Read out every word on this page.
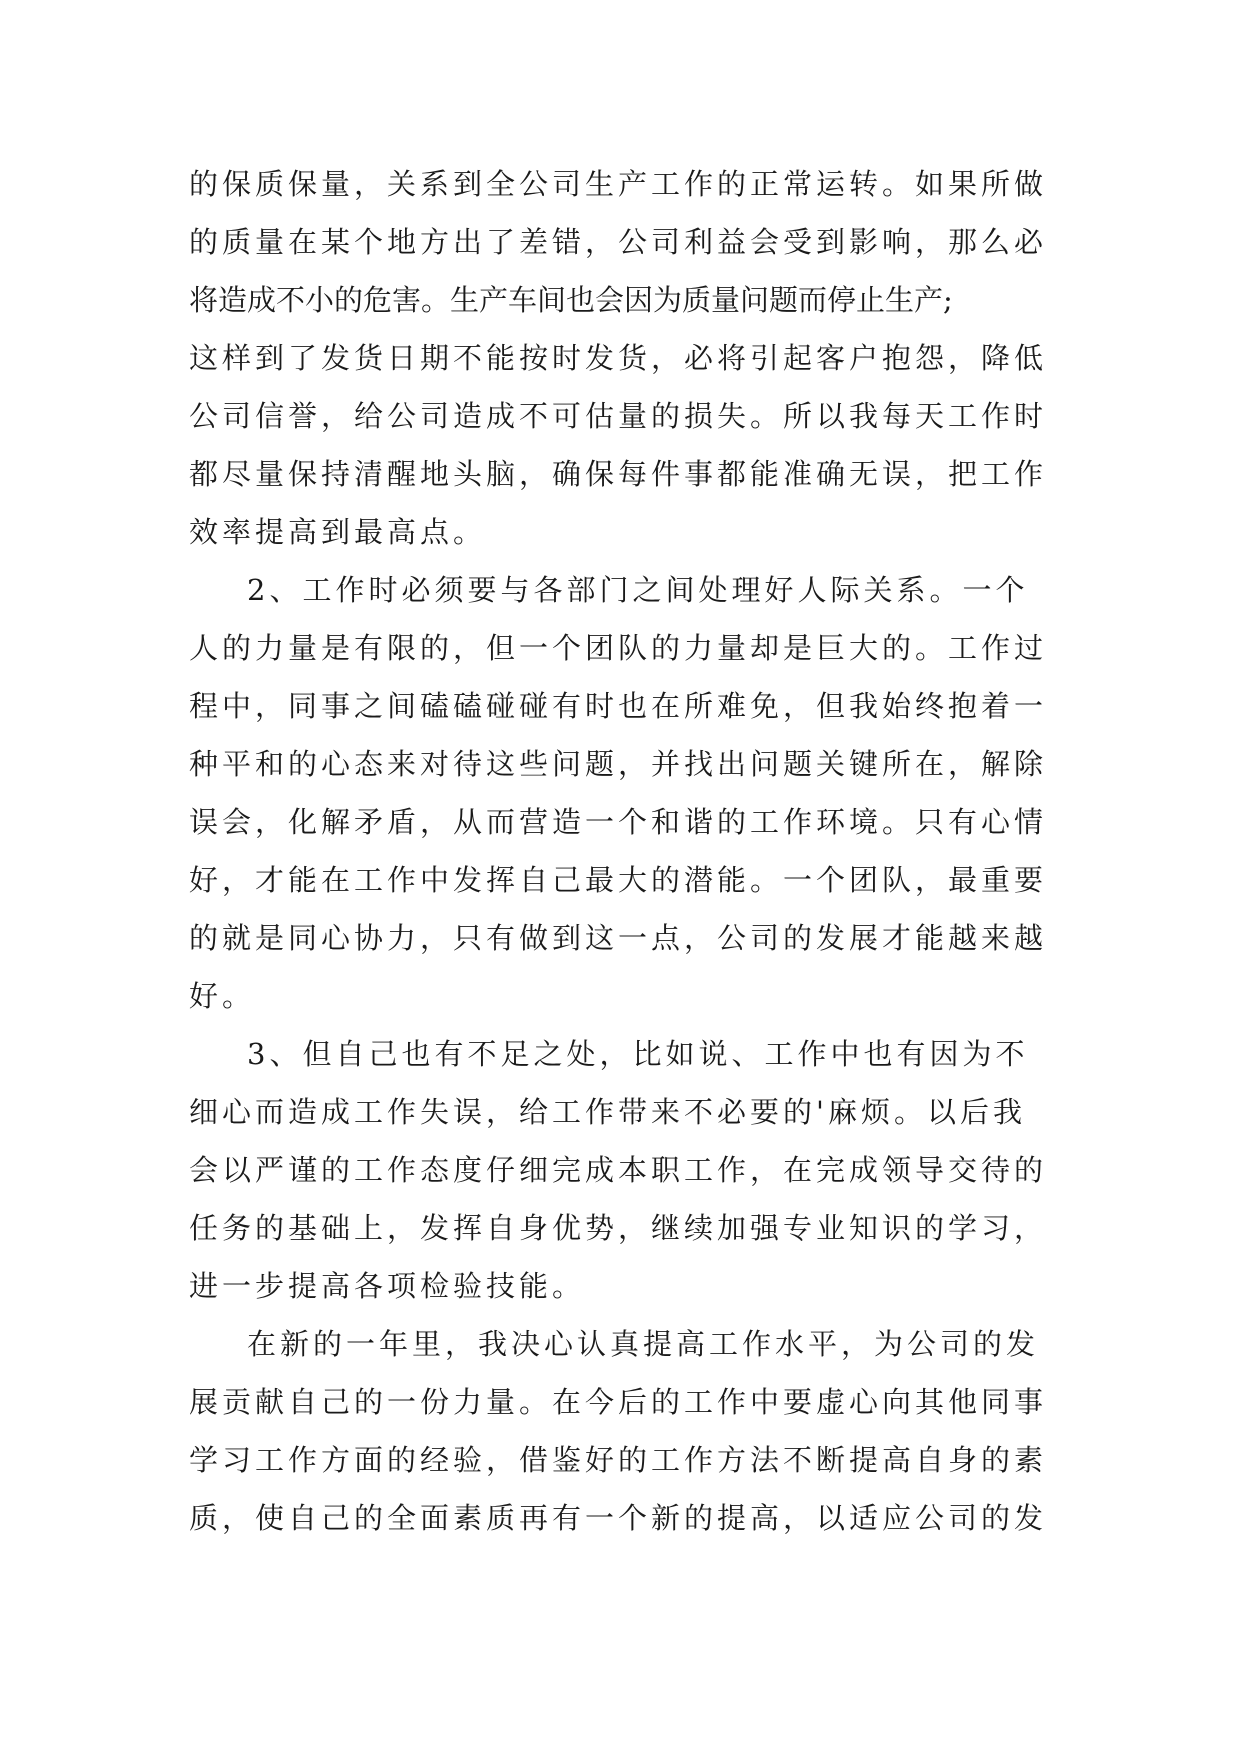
的保质保量，关系到全公司生产工作的正常运转。如果所做
的质量在某个地方出了差错，公司利益会受到影响，那么必
将造成不小的危害。生产车间也会因为质量问题而停止生产;
这样到了发货日期不能按时发货，必将引起客户抱怨，降低
公司信誉，给公司造成不可估量的损失。所以我每天工作时
都尽量保持清醒地头脑，确保每件事都能准确无误，把工作
效率提高到最高点。
2、工作时必须要与各部门之间处理好人际关系。一个
人的力量是有限的，但一个团队的力量却是巨大的。工作过
程中，同事之间磕磕碰碰有时也在所难免，但我始终抱着一
种平和的心态来对待这些问题，并找出问题关键所在，解除
误会，化解矛盾，从而营造一个和谐的工作环境。只有心情
好，才能在工作中发挥自己最大的潜能。一个团队，最重要
的就是同心协力，只有做到这一点，公司的发展才能越来越
好。
3、但自己也有不足之处，比如说、工作中也有因为不
细心而造成工作失误，给工作带来不必要的'麻烦。以后我
会以严谨的工作态度仔细完成本职工作，在完成领导交待的
任务的基础上，发挥自身优势，继续加强专业知识的学习，
进一步提高各项检验技能。
在新的一年里，我决心认真提高工作水平，为公司的发
展贡献自己的一份力量。在今后的工作中要虚心向其他同事
学习工作方面的经验，借鉴好的工作方法不断提高自身的素
质，使自己的全面素质再有一个新的提高，以适应公司的发
